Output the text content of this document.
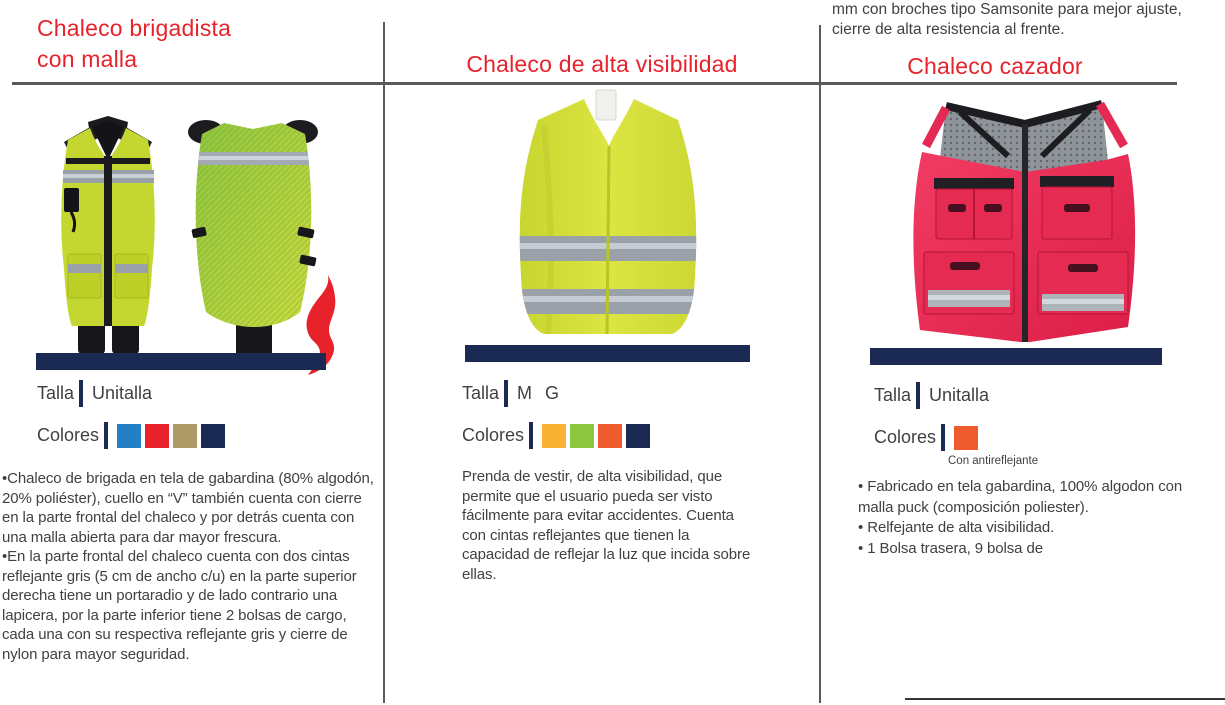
mm con broches tipo Samsonite para mejor ajuste, cierre de alta resistencia al frente.
Chaleco brigadista
con malla	Chaleco de alta visibilidad	Chaleco cazador
Talla Unitalla	Talla M G	Talla Unitalla
Colores	Colores	Colores
Con antireflejante

•Chaleco de brigada en tela de gabardina (80% algodón, 20% poliéster), cuello en “V” también cuenta con cierre en la parte frontal del chaleco y por detrás cuenta con una malla abierta para dar mayor frescura.

•En la parte frontal del chaleco cuenta con dos cintas reflejante gris (5 cm de ancho c/u) en la parte superior derecha tiene un portaradio y de lado contrario una lapicera, por la parte inferior tiene 2 bolsas de cargo, cada una con su respectiva reflejante gris y cierre de nylon para mayor seguridad.

Prenda de vestir, de alta visibilidad, que permite que el usuario pueda ser visto fácilmente para evitar accidentes. Cuenta con cintas reflejantes que tienen la capacidad de reflejar la luz que incida sobre ellas.

• Fabricado en tela gabardina, 100% algodon con malla puck (composición poliester).

• Relfejante de alta visibilidad.

• 1 Bolsa trasera, 9 bolsa de
